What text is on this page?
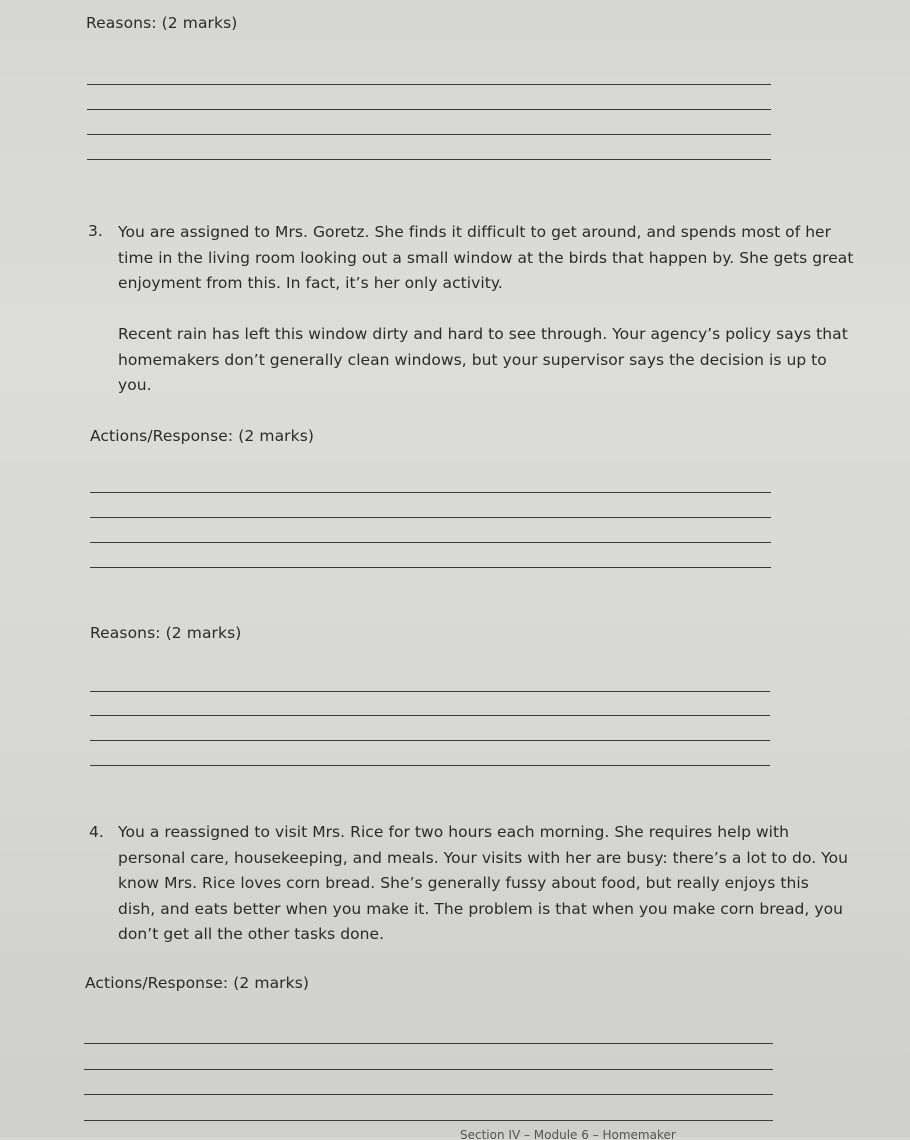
Reasons: (2 marks)
3. You are assigned to Mrs. Goretz. She finds it difficult to get around, and spends most of her time in the living room looking out a small window at the birds that happen by. She gets great enjoyment from this. In fact, it’s her only activity.
Recent rain has left this window dirty and hard to see through. Your agency’s policy says that homemakers don’t generally clean windows, but your supervisor says the decision is up to you.
Actions/Response: (2 marks)
Reasons: (2 marks)
4. You a reassigned to visit Mrs. Rice for two hours each morning. She requires help with personal care, housekeeping, and meals. Your visits with her are busy: there’s a lot to do. You know Mrs. Rice loves corn bread. She’s generally fussy about food, but really enjoys this dish, and eats better when you make it. The problem is that when you make corn bread, you don’t get all the other tasks done.
Actions/Response: (2 marks)
Section IV – Module 6 – Homemaker
